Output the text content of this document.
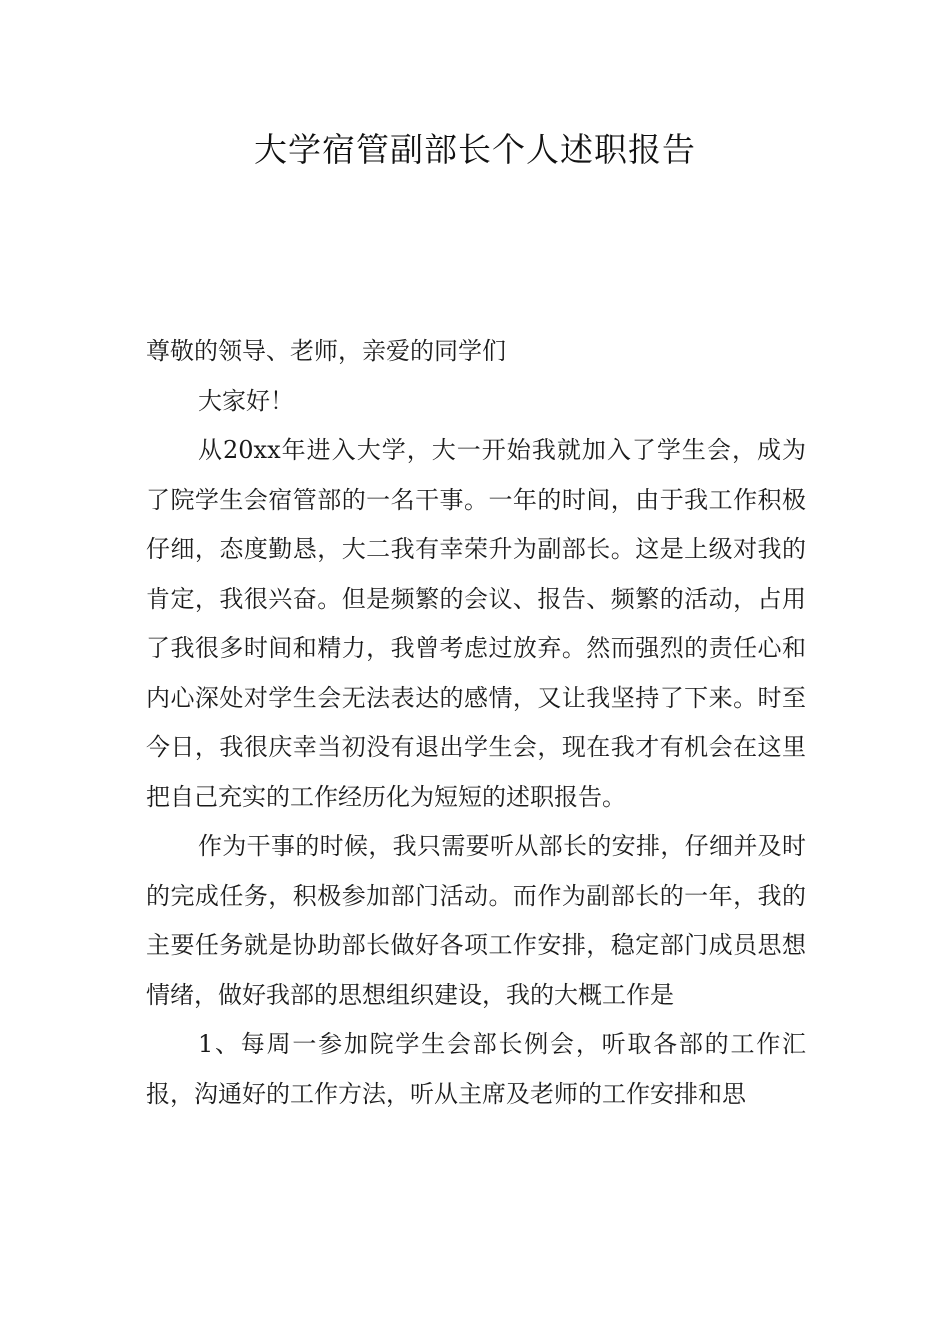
大学宿管副部长个人述职报告

尊敬的领导、老师，亲爱的同学们

大家好！

从20xx年进入大学，大一开始我就加入了学生会，成为了院学生会宿管部的一名干事。一年的时间，由于我工作积极仔细，态度勤恳，大二我有幸荣升为副部长。这是上级对我的肯定，我很兴奋。但是频繁的会议、报告、频繁的活动，占用了我很多时间和精力，我曾考虑过放弃。然而强烈的责任心和内心深处对学生会无法表达的感情，又让我坚持了下来。时至今日，我很庆幸当初没有退出学生会，现在我才有机会在这里把自己充实的工作经历化为短短的述职报告。

作为干事的时候，我只需要听从部长的安排，仔细并及时的完成任务，积极参加部门活动。而作为副部长的一年，我的主要任务就是协助部长做好各项工作安排，稳定部门成员思想情绪，做好我部的思想组织建设，我的大概工作是

1、每周一参加院学生会部长例会，听取各部的工作汇报，沟通好的工作方法，听从主席及老师的工作安排和思
